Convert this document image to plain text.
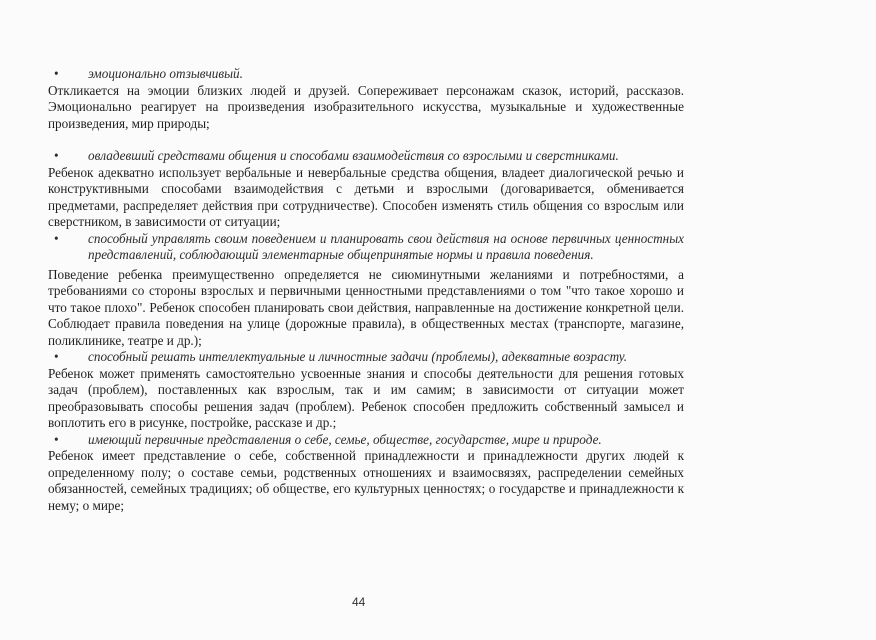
• эмоционально отзывчивый.

Откликается на эмоции близких людей и друзей. Сопереживает персонажам сказок, историй, рассказов. Эмоционально реагирует на произведения изобразительного искусства, музыкальные и художественные произведения, мир природы;

• овладевший средствами общения и способами взаимодействия со взрослыми и сверстниками.

Ребенок адекватно использует вербальные и невербальные средства общения, владеет диалогической речью и конструктивными способами взаимодействия с детьми и взрослыми (договаривается, обменивается предметами, распределяет действия при сотрудничестве). Способен изменять стиль общения со взрослым или сверстником, в зависимости от ситуации;

• способный управлять своим поведением и планировать свои действия на основе первичных ценностных представлений, соблюдающий элементарные общепринятые нормы и правила поведения.

Поведение ребенка преимущественно определяется не сиюминутными желаниями и потребностями, а требованиями со стороны взрослых и первичными ценностными представлениями о том "что такое хорошо и что такое плохо". Ребенок способен планировать свои действия, направленные на достижение конкретной цели. Соблюдает правила поведения на улице (дорожные правила), в общественных местах (транспорте, магазине, поликлинике, театре и др.);

• способный решать интеллектуальные и личностные задачи (проблемы), адекватные возрасту.

Ребенок может применять самостоятельно усвоенные знания и способы деятельности для решения готовых задач (проблем), поставленных как взрослым, так и им самим; в зависимости от ситуации может преобразовывать способы решения задач (проблем). Ребенок способен предложить собственный замысел и воплотить его в рисунке, постройке, рассказе и др.;

• имеющий первичные представления о себе, семье, обществе, государстве, мире и природе.

Ребенок имеет представление о себе, собственной принадлежности и принадлежности других людей к определенному полу; о составе семьи, родственных отношениях и взаимосвязях, распределении семейных обязанностей, семейных традициях; об обществе, его культурных ценностях; о государстве и принадлежности к нему; о мире;

44
